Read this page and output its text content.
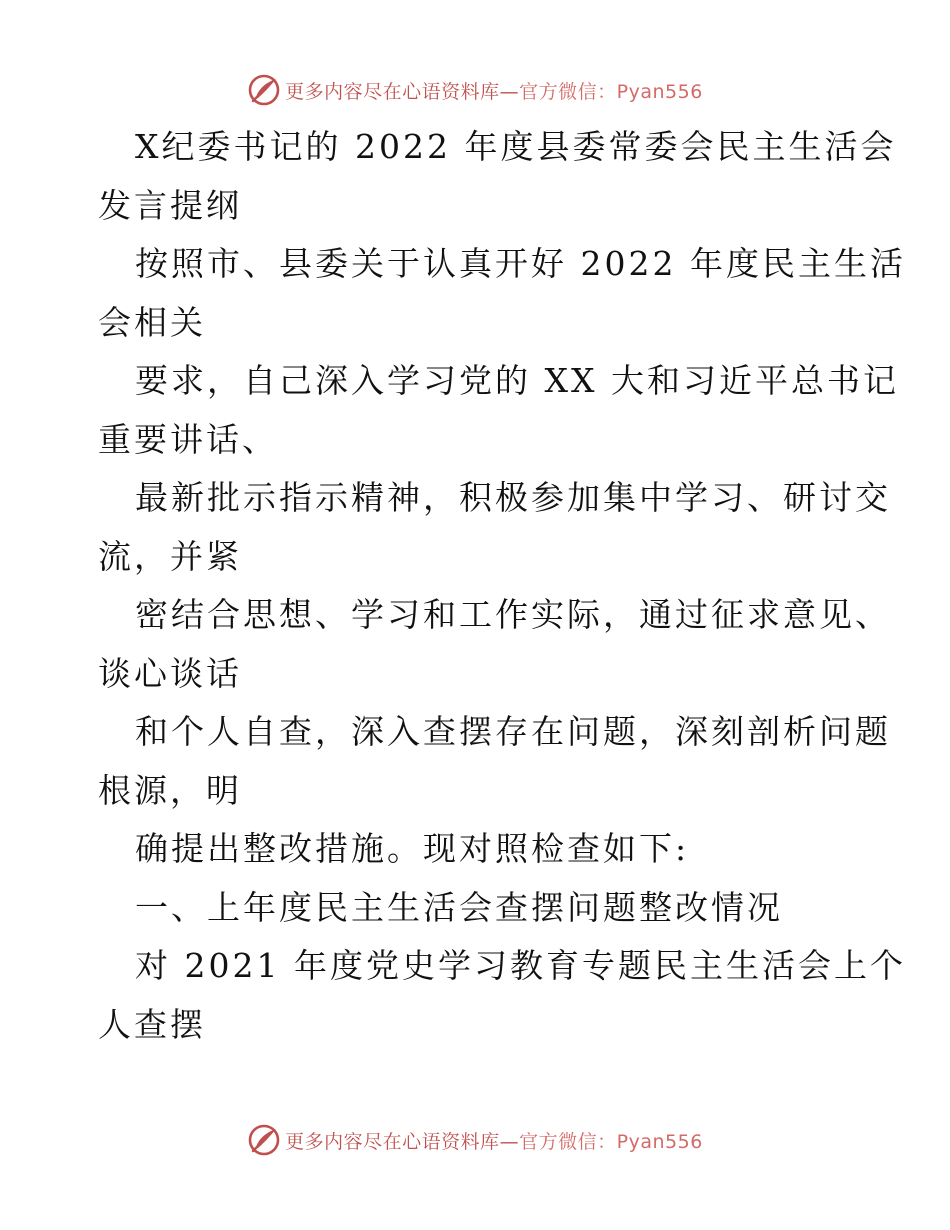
更多内容尽在心语资料库—官方微信：Pyan556
X纪委书记的 2022 年度县委常委会民主生活会
发言提纲
按照市、县委关于认真开好 2022 年度民主生活
会相关
要求，自己深入学习党的 XX 大和习近平总书记
重要讲话、
最新批示指示精神，积极参加集中学习、研讨交
流，并紧
密结合思想、学习和工作实际，通过征求意见、
谈心谈话
和个人自查，深入查摆存在问题，深刻剖析问题
根源，明
确提出整改措施。现对照检查如下:
一、上年度民主生活会查摆问题整改情况
对 2021 年度党史学习教育专题民主生活会上个
人查摆
更多内容尽在心语资料库—官方微信：Pyan556
